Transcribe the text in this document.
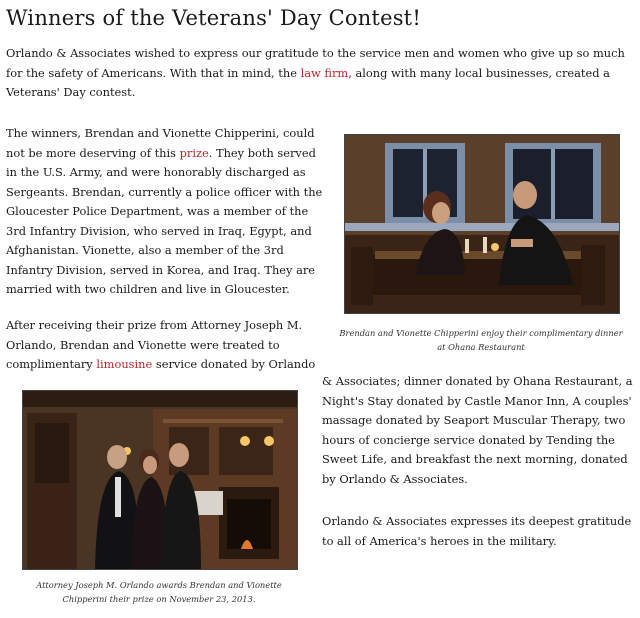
Winners of the Veterans' Day Contest!

Orlando & Associates wished to express our gratitude to the service men and women who give up so much for the safety of Americans. With that in mind, the law firm, along with many local businesses, created a Veterans' Day contest.

The winners, Brendan and Vionette Chipperini, could not be more deserving of this prize. They both served in the U.S. Army, and were honorably discharged as Sergeants. Brendan, currently a police officer with the Gloucester Police Department, was a member of the 3rd Infantry Division, who served in Iraq, Egypt, and Afghanistan. Vionette, also a member of the 3rd Infantry Division, served in Korea, and Iraq. They are married with two children and live in Gloucester.

After receiving their prize from Attorney Joseph M. Orlando, Brendan and Vionette were treated to complimentary limousine service donated by Orlando

& Associates; dinner donated by Ohana Restaurant, a Night's Stay donated by Castle Manor Inn, A couples' massage donated by Seaport Muscular Therapy, two hours of concierge service donated by Tending the Sweet Life, and breakfast the next morning, donated by Orlando & Associates.

Orlando & Associates expresses its deepest gratitude to all of America's heroes in the military.

Brendan and Vionette Chipperini enjoy their complimentary dinner at Ohana Restaurant

Attorney Joseph M. Orlando awards Brendan and Vionette Chipperini their prize on November 23, 2013.
